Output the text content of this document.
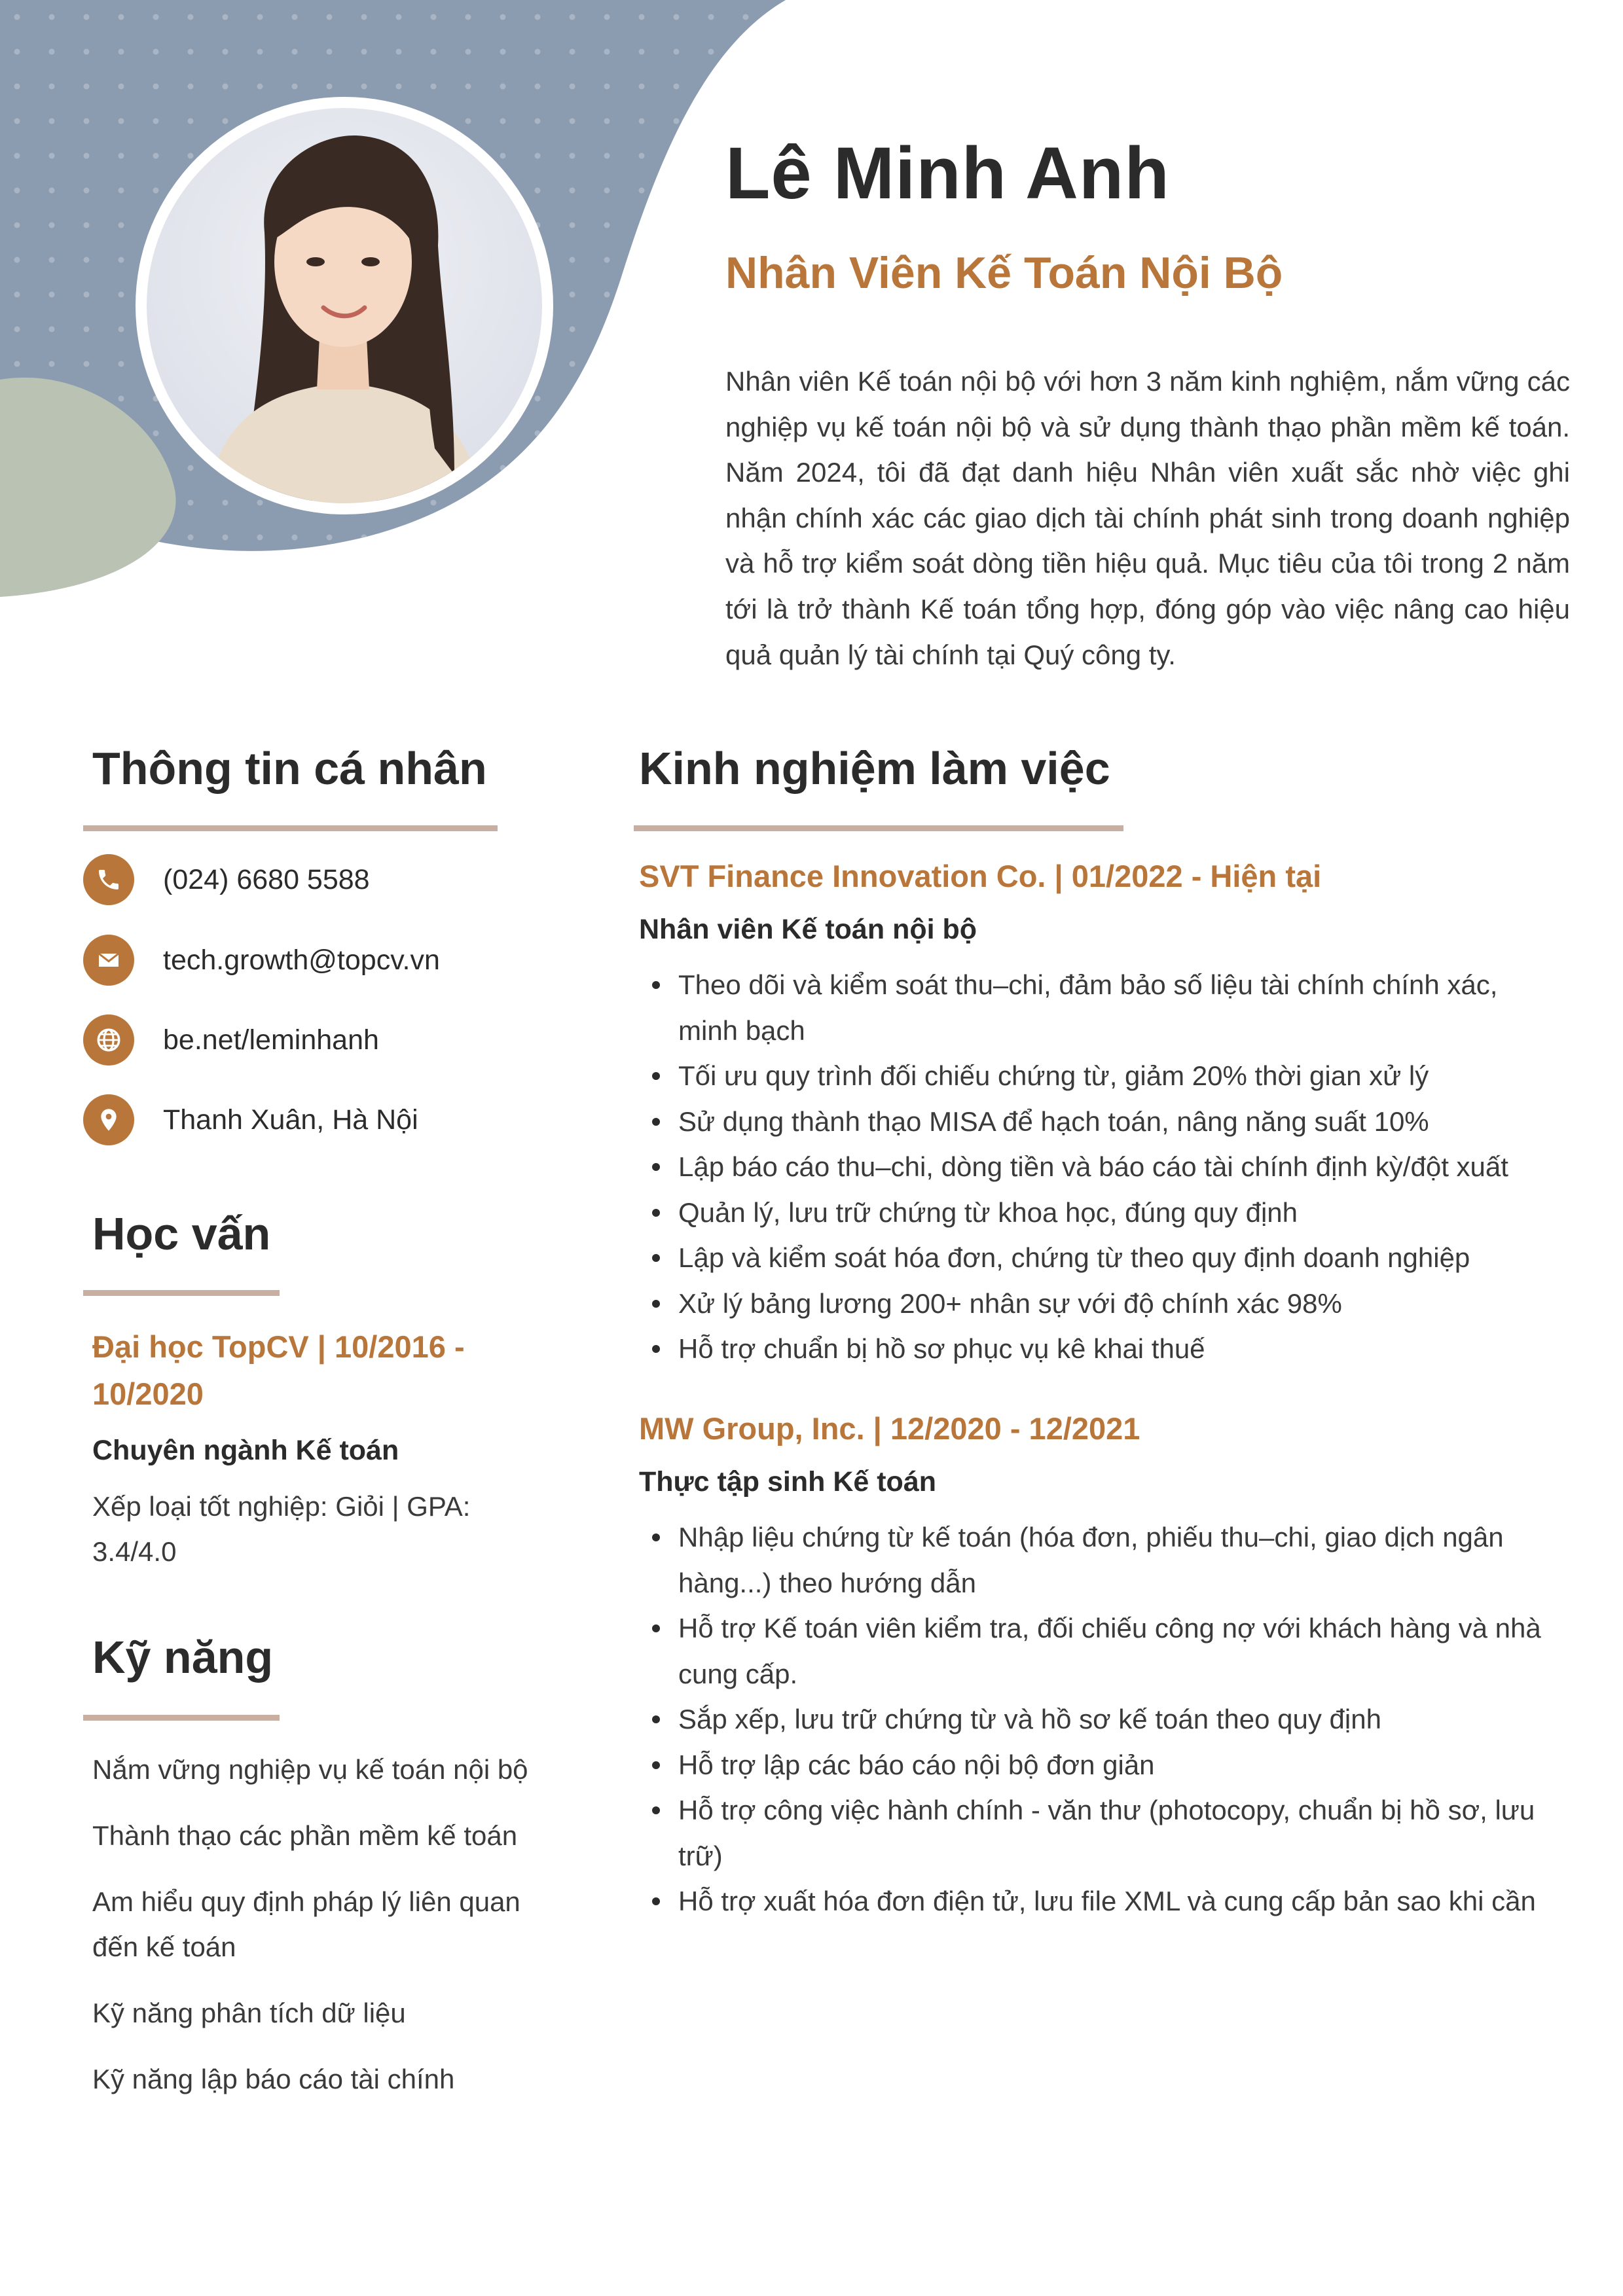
Lê Minh Anh
Nhân Viên Kế Toán Nội Bộ
Nhân viên Kế toán nội bộ với hơn 3 năm kinh nghiệm, nắm vững các nghiệp vụ kế toán nội bộ và sử dụng thành thạo phần mềm kế toán. Năm 2024, tôi đã đạt danh hiệu Nhân viên xuất sắc nhờ việc ghi nhận chính xác các giao dịch tài chính phát sinh trong doanh nghiệp và hỗ trợ kiểm soát dòng tiền hiệu quả. Mục tiêu của tôi trong 2 năm tới là trở thành Kế toán tổng hợp, đóng góp vào việc nâng cao hiệu quả quản lý tài chính tại Quý công ty.
Thông tin cá nhân
(024) 6680 5588
tech.growth@topcv.vn
be.net/leminhanh
Thanh Xuân, Hà Nội
Học vấn
Đại học TopCV | 10/2016 -
10/2020
Chuyên ngành Kế toán
Xếp loại tốt nghiệp: Giỏi | GPA:
3.4/4.0
Kỹ năng
Nắm vững nghiệp vụ kế toán nội bộ
Thành thạo các phần mềm kế toán
Am hiểu quy định pháp lý liên quan
đến kế toán
Kỹ năng phân tích dữ liệu
Kỹ năng lập báo cáo tài chính
Kinh nghiệm làm việc
SVT Finance Innovation Co. | 01/2022 - Hiện tại
Nhân viên Kế toán nội bộ
Theo dõi và kiểm soát thu–chi, đảm bảo số liệu tài chính chính xác, minh bạch
Tối ưu quy trình đối chiếu chứng từ, giảm 20% thời gian xử lý
Sử dụng thành thạo MISA để hạch toán, nâng năng suất 10%
Lập báo cáo thu–chi, dòng tiền và báo cáo tài chính định kỳ/đột xuất
Quản lý, lưu trữ chứng từ khoa học, đúng quy định
Lập và kiểm soát hóa đơn, chứng từ theo quy định doanh nghiệp
Xử lý bảng lương 200+ nhân sự với độ chính xác 98%
Hỗ trợ chuẩn bị hồ sơ phục vụ kê khai thuế
MW Group, Inc. | 12/2020 - 12/2021
Thực tập sinh Kế toán
Nhập liệu chứng từ kế toán (hóa đơn, phiếu thu–chi, giao dịch ngân hàng...) theo hướng dẫn
Hỗ trợ Kế toán viên kiểm tra, đối chiếu công nợ với khách hàng và nhà cung cấp.
Sắp xếp, lưu trữ chứng từ và hồ sơ kế toán theo quy định
Hỗ trợ lập các báo cáo nội bộ đơn giản
Hỗ trợ công việc hành chính - văn thư (photocopy, chuẩn bị hồ sơ, lưu trữ)
Hỗ trợ xuất hóa đơn điện tử, lưu file XML và cung cấp bản sao khi cần
